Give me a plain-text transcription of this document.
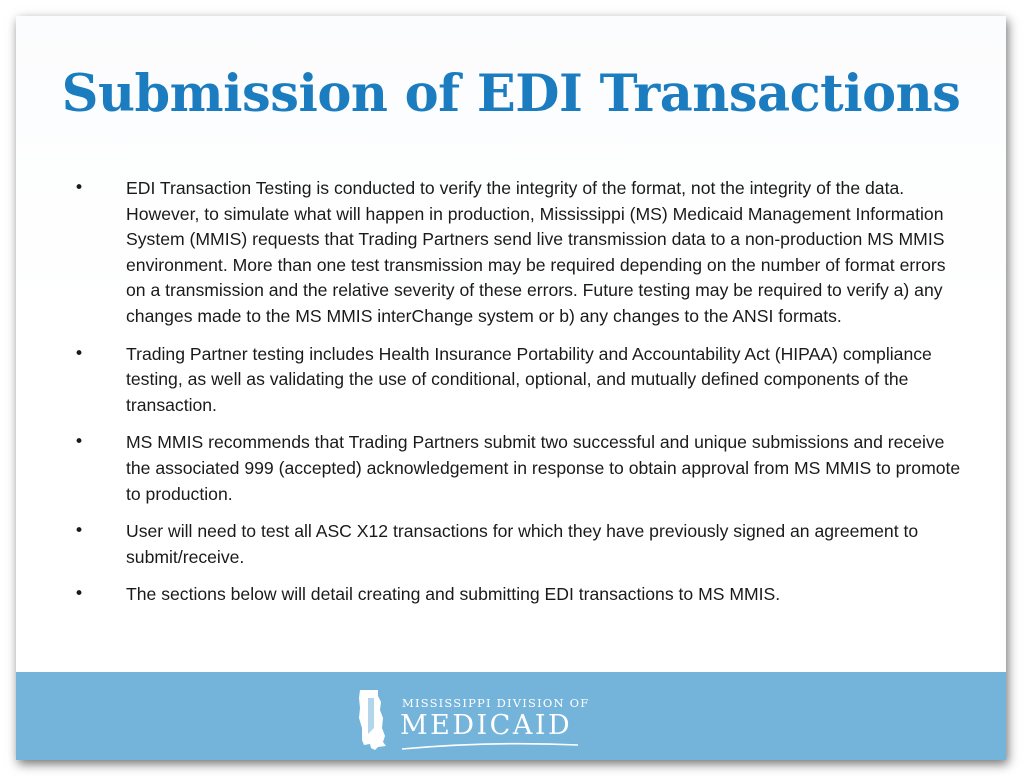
Submission of EDI Transactions
• EDI Transaction Testing is conducted to verify the integrity of the format, not the integrity of the data. However, to simulate what will happen in production, Mississippi (MS) Medicaid Management Information System (MMIS) requests that Trading Partners send live transmission data to a non-production MS MMIS environment. More than one test transmission may be required depending on the number of format errors on a transmission and the relative severity of these errors. Future testing may be required to verify a) any changes made to the MS MMIS interChange system or b) any changes to the ANSI formats.
• Trading Partner testing includes Health Insurance Portability and Accountability Act (HIPAA) compliance testing, as well as validating the use of conditional, optional, and mutually defined components of the transaction.
• MS MMIS recommends that Trading Partners submit two successful and unique submissions and receive the associated 999 (accepted) acknowledgement in response to obtain approval from MS MMIS to promote to production.
• User will need to test all ASC X12 transactions for which they have previously signed an agreement to submit/receive.
• The sections below will detail creating and submitting EDI transactions to MS MMIS.
MISSISSIPPI DIVISION OF
MEDICAID
